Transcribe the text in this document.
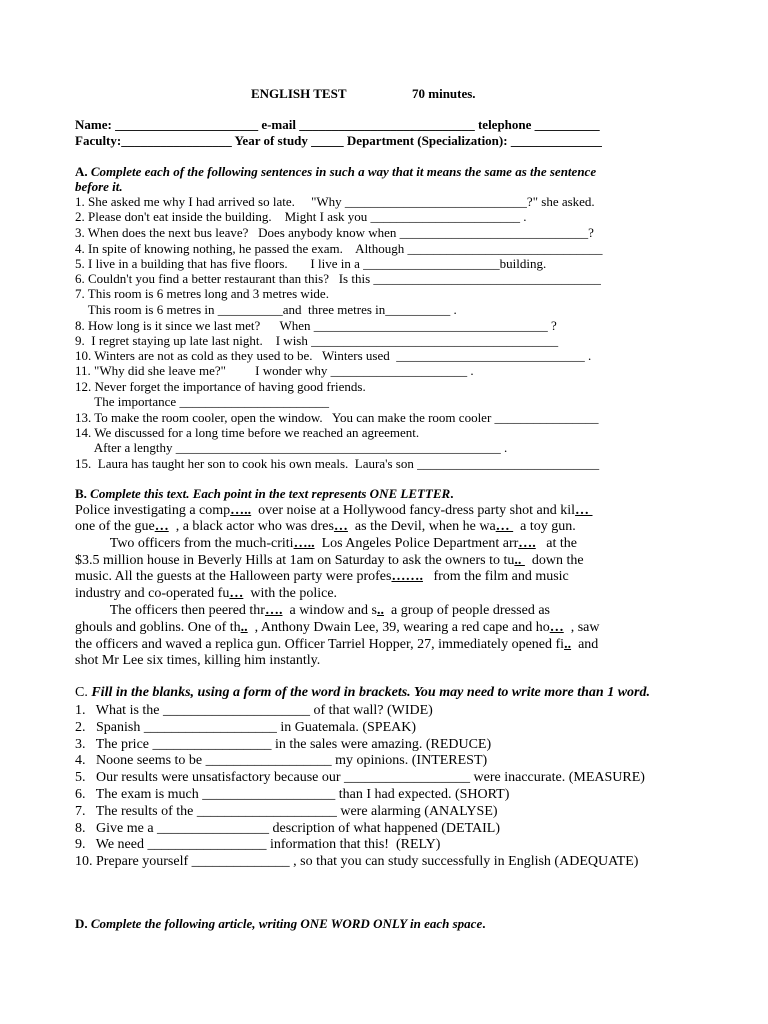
ENGLISH TEST	70 minutes.
Name: ______________________ e-mail ___________________________ telephone __________
Faculty:_________________ Year of study _____ Department (Specialization): ______________
A. Complete each of the following sentences in such a way that it means the same as the sentence
before it.
1. She asked me why I had arrived so late.     "Why ____________________________?" she asked.
2. Please don't eat inside the building.    Might I ask you _______________________ .
3. When does the next bus leave?   Does anybody know when _____________________________?
4. In spite of knowing nothing, he passed the exam.    Although ______________________________
5. I live in a building that has five floors.       I live in a _____________________building.
6. Couldn't you find a better restaurant than this?   Is this ___________________________________
7. This room is 6 metres long and 3 metres wide.
This room is 6 metres in __________and  three metres in__________ .
8. How long is it since we last met?      When ____________________________________ ?
9.  I regret staying up late last night.    I wish ______________________________________
10. Winters are not as cold as they used to be.   Winters used  _____________________________ .
11. "Why did she leave me?"         I wonder why _____________________ .
12. Never forget the importance of having good friends.
The importance _______________________
13. To make the room cooler, open the window.   You can make the room cooler ________________
14. We discussed for a long time before we reached an agreement.
After a lengthy __________________________________________________ .
15.  Laura has taught her son to cook his own meals.  Laura's son ____________________________
B. Complete this text. Each point in the text represents ONE LETTER.
Police investigating a comp…..  over noise at a Hollywood fancy-dress party shot and kil…
one of the gue…  , a black actor who was dres…  as the Devil, when he wa…   a toy gun.
Two officers from the much-criti…..  Los Angeles Police Department arr….   at the
$3.5 million house in Beverly Hills at 1am on Saturday to ask the owners to tu..   down the
music. All the guests at the Halloween party were profes…….   from the film and music
industry and co-operated fu…  with the police.
The officers then peered thr….  a window and s..  a group of people dressed as
ghouls and goblins. One of th..  , Anthony Dwain Lee, 39, wearing a red cape and ho…  , saw
the officers and waved a replica gun. Officer Tarriel Hopper, 27, immediately opened fi..  and
shot Mr Lee six times, killing him instantly.
C. Fill in the blanks, using a form of the word in brackets. You may need to write more than 1 word.
1.   What is the _____________________ of that wall? (WIDE)
2.   Spanish ___________________ in Guatemala. (SPEAK)
3.   The price _________________ in the sales were amazing. (REDUCE)
4.   Noone seems to be __________________ my opinions. (INTEREST)
5.   Our results were unsatisfactory because our __________________ were inaccurate. (MEASURE)
6.   The exam is much ___________________ than I had expected. (SHORT)
7.   The results of the ____________________ were alarming (ANALYSE)
8.   Give me a ________________ description of what happened (DETAIL)
9.   We need _________________ information that this!  (RELY)
10. Prepare yourself ______________ , so that you can study successfully in English (ADEQUATE)
D. Complete the following article, writing ONE WORD ONLY in each space.
